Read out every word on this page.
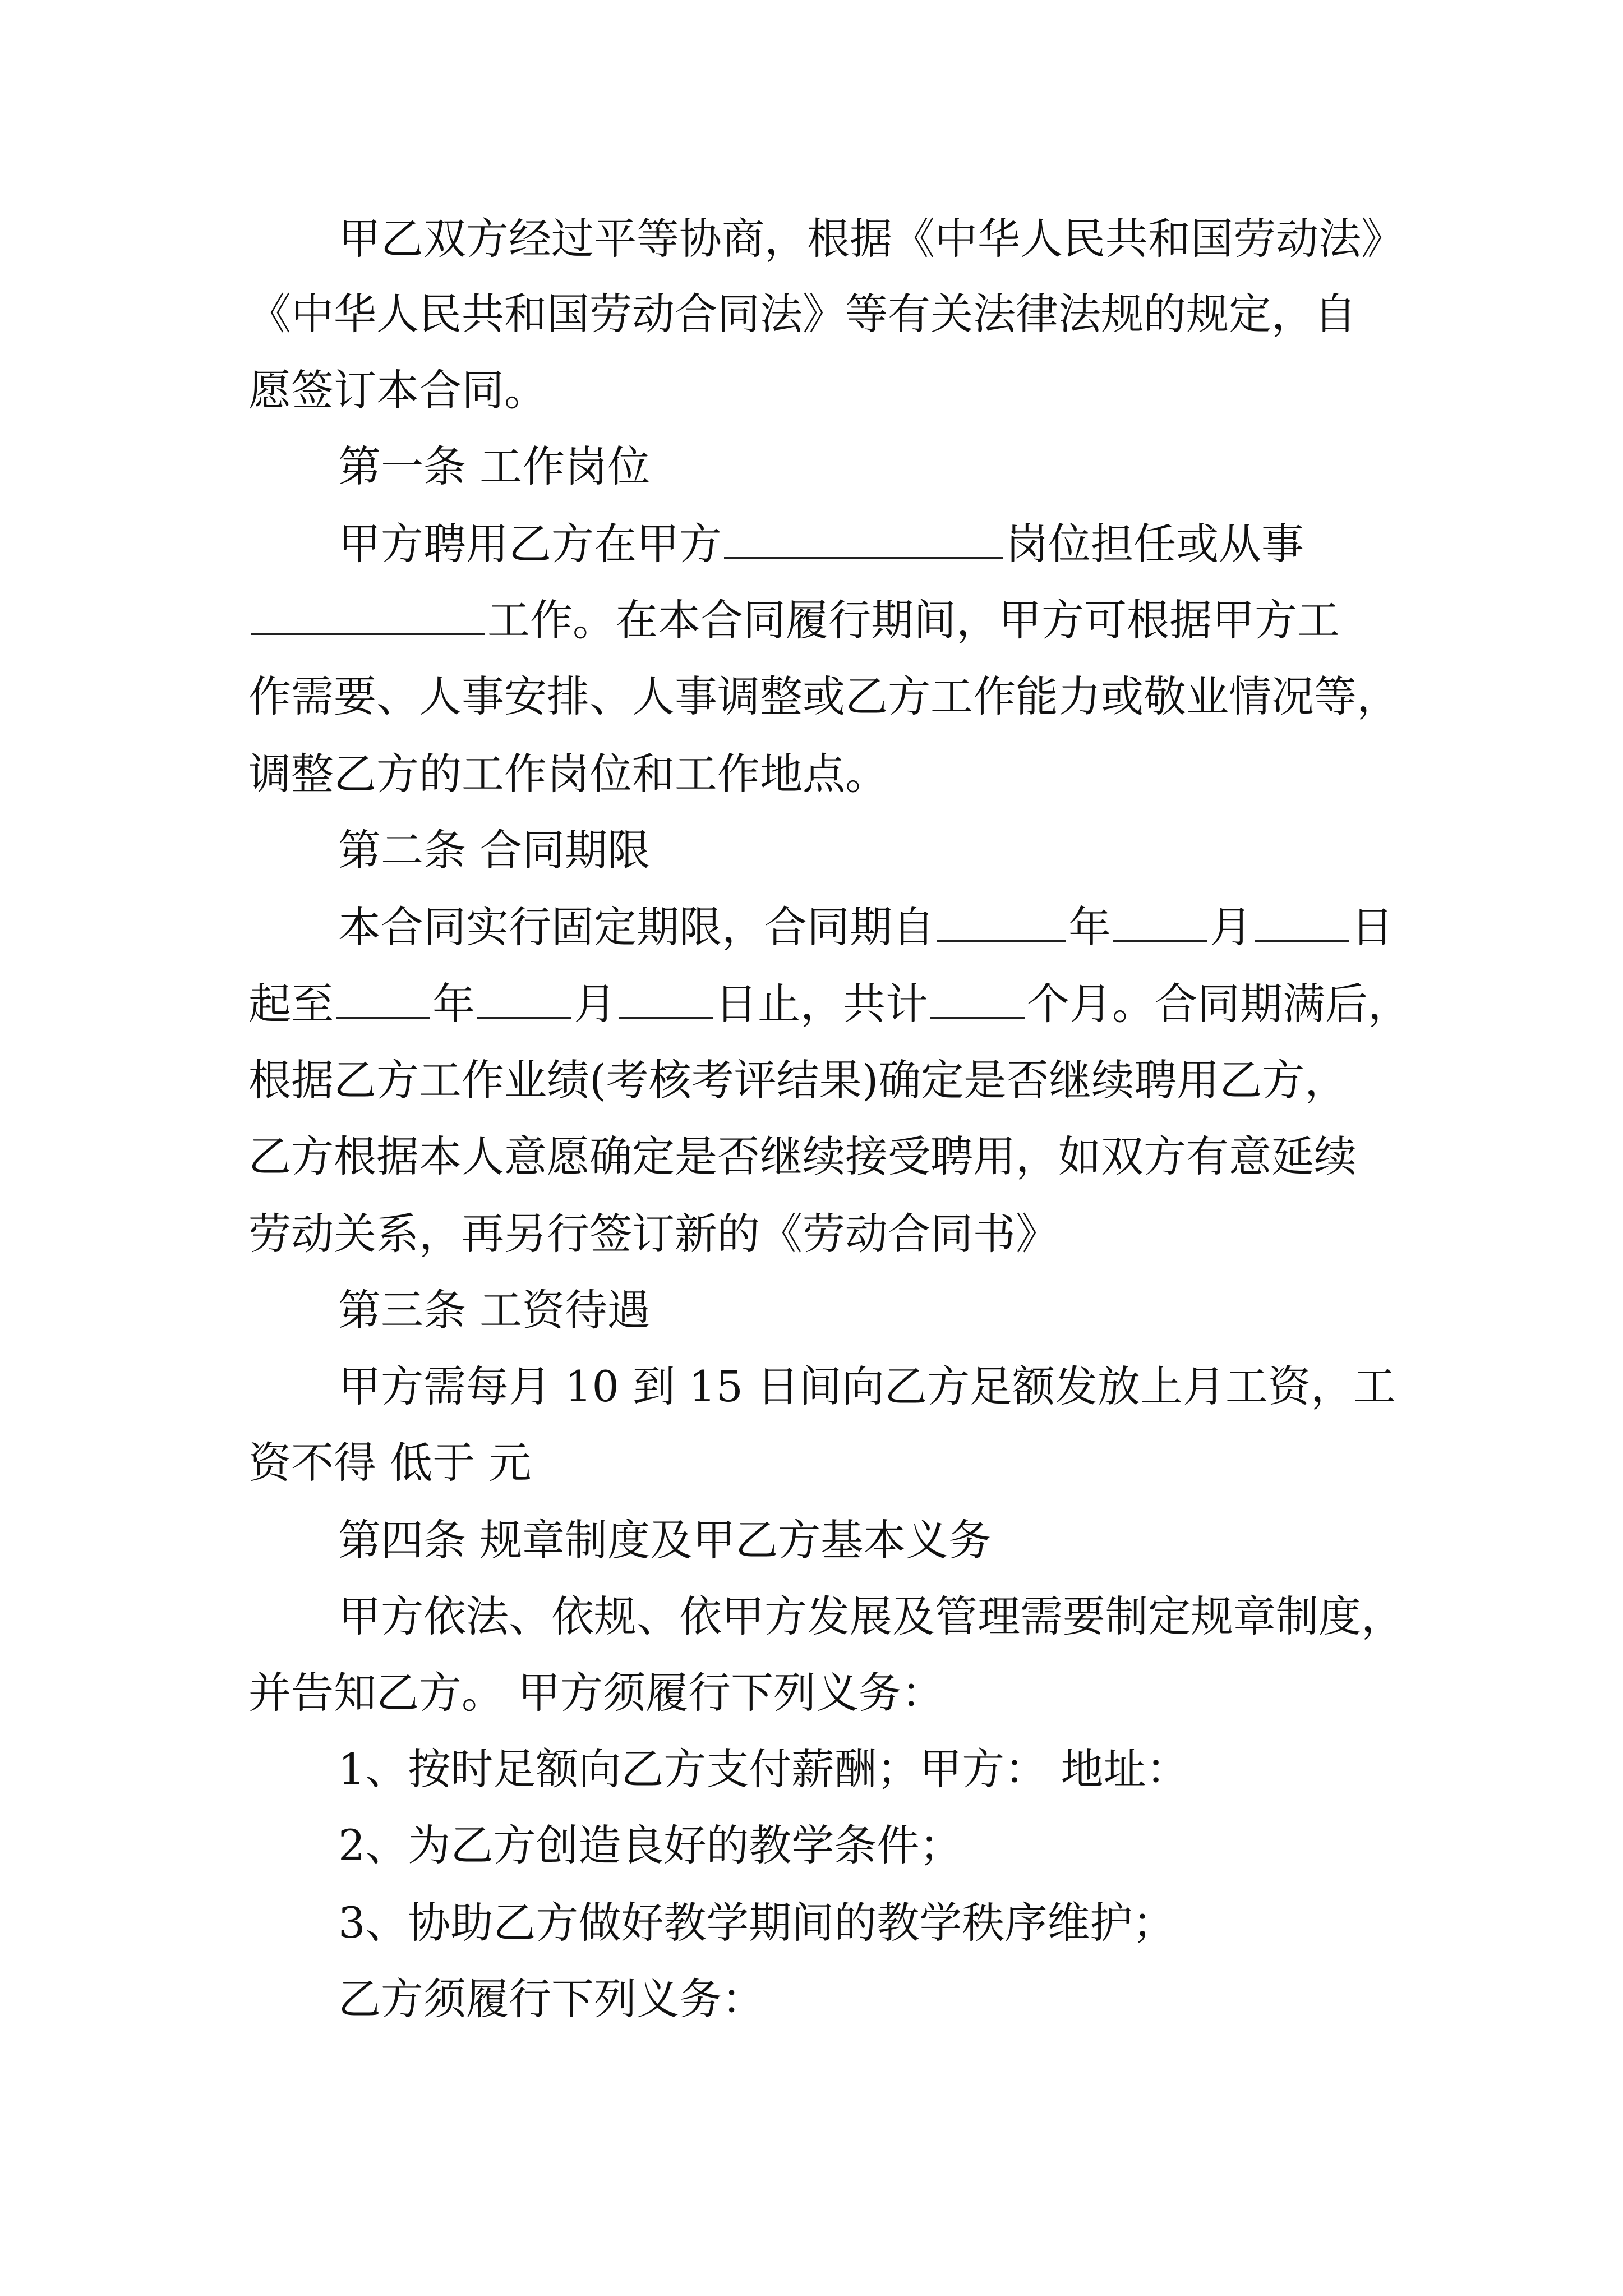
甲乙双方经过平等协商，根据《中华人民共和国劳动法》
《中华人民共和国劳动合同法》等有关法律法规的规定，自
愿签订本合同。
第一条 工作岗位
甲方聘用乙方在甲方	岗位担任或从事
工作。在本合同履行期间，甲方可根据甲方工
作需要、人事安排、人事调整或乙方工作能力或敬业情况等，
调整乙方的工作岗位和工作地点。
第二条 合同期限
本合同实行固定期限，合同期自	年 月 日
起至 年 月 日止，共计 个月。合同期满后，
根据乙方工作业绩(考核考评结果)确定是否继续聘用乙方，
乙方根据本人意愿确定是否继续接受聘用，如双方有意延续
劳动关系，再另行签订新的《劳动合同书》
第三条 工资待遇
甲方需每月 10 到 15 日间向乙方足额发放上月工资，工
资不得 低于 元
第四条 规章制度及甲乙方基本义务
甲方依法、依规、依甲方发展及管理需要制定规章制度，
并告知乙方。 甲方须履行下列义务：
1、按时足额向乙方支付薪酬；甲方： 地址：
2、为乙方创造良好的教学条件；
3、协助乙方做好教学期间的教学秩序维护；
乙方须履行下列义务：
